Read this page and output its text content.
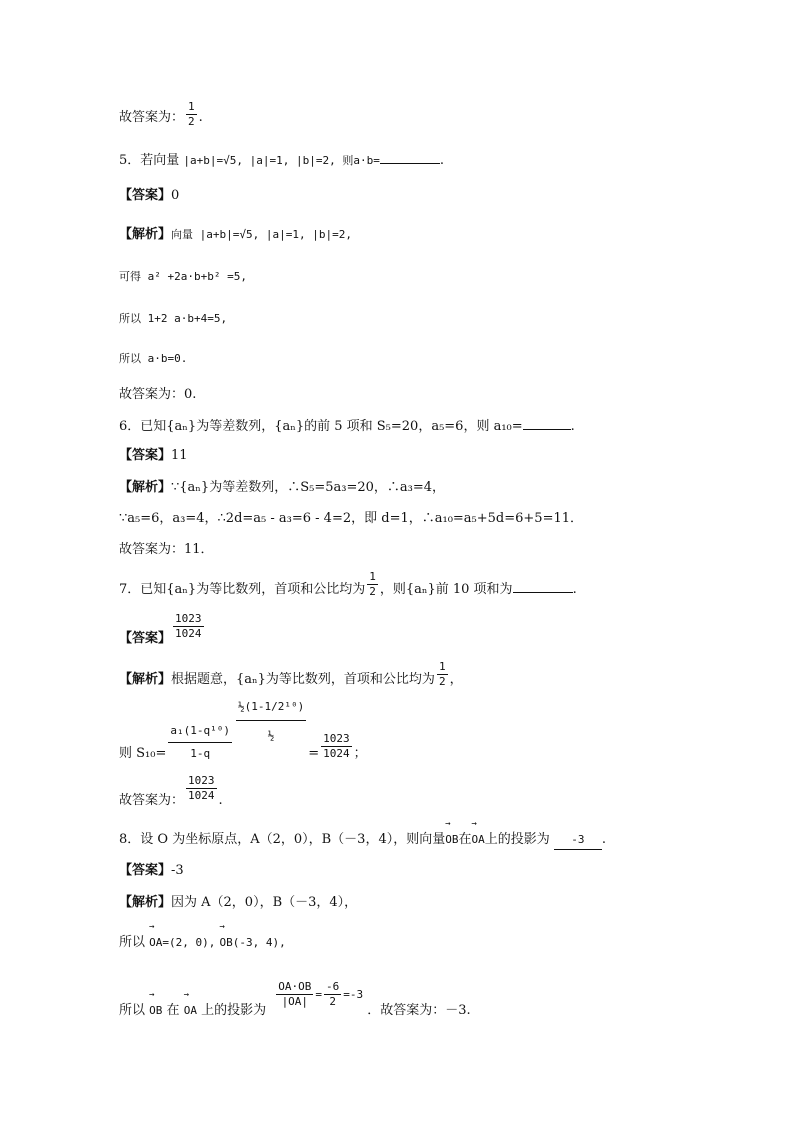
故答案为： $\frac{1}{2}$ .
5．若向量 |a+b|=√5, |a|=1, |b|=2, 则a·b=	.
【答案】0
【解析】向量 |a+b|=√5, |a|=1, |b|=2,
可得 a² +2a·b+b² =5,
所以 1+2 a·b+4=5,
所以 a·b=0.
故答案为：0.
6．已知{aₙ}为等差数列，{aₙ}的前 5 项和 S₅=20，a₅=6，则 a₁₀=	.
【答案】11
【解析】∵{aₙ}为等差数列，∴S₅=5a₃=20，∴a₃=4，
∵a₅=6，a₃=4，∴2d=a₅ - a₃=6 - 4=2，即 d=1，∴a₁₀=a₅+5d=6+5=11．
故答案为：11．
7．已知{aₙ}为等比数列，首项和公比均为 $\frac{1}{2}$ ，则{aₙ}前 10 项和为	.
【答案】 $\frac{1023}{1024}$
【解析】根据题意，{aₙ}为等比数列，首项和公比均为 $\frac{1}{2}$ ，
则 $S_{10}= \frac{\text{a₁(1-q¹⁰)}}{1-q} \frac{\text{½(1-1/2¹⁰)}}{\text{½}}$
= $\frac{1023}{1024}$ ；
故答案为： $\frac{1023}{1024}$ .
8．设 O 为坐标原点，A（2，0），B（－3，4），则向量→ OB在→ OA上的投影为 -3 .
【答案】-3
【解析】因为 A（2，0），B（－3，4），
所以 → OA=(2, 0), → OB(-3, 4),
所以 → OB 在 → OA 上的投影为
$\frac{OA\cdot OB}{|OA|} = \frac{-6}{2} =-3$ ．故答案为：－3.
